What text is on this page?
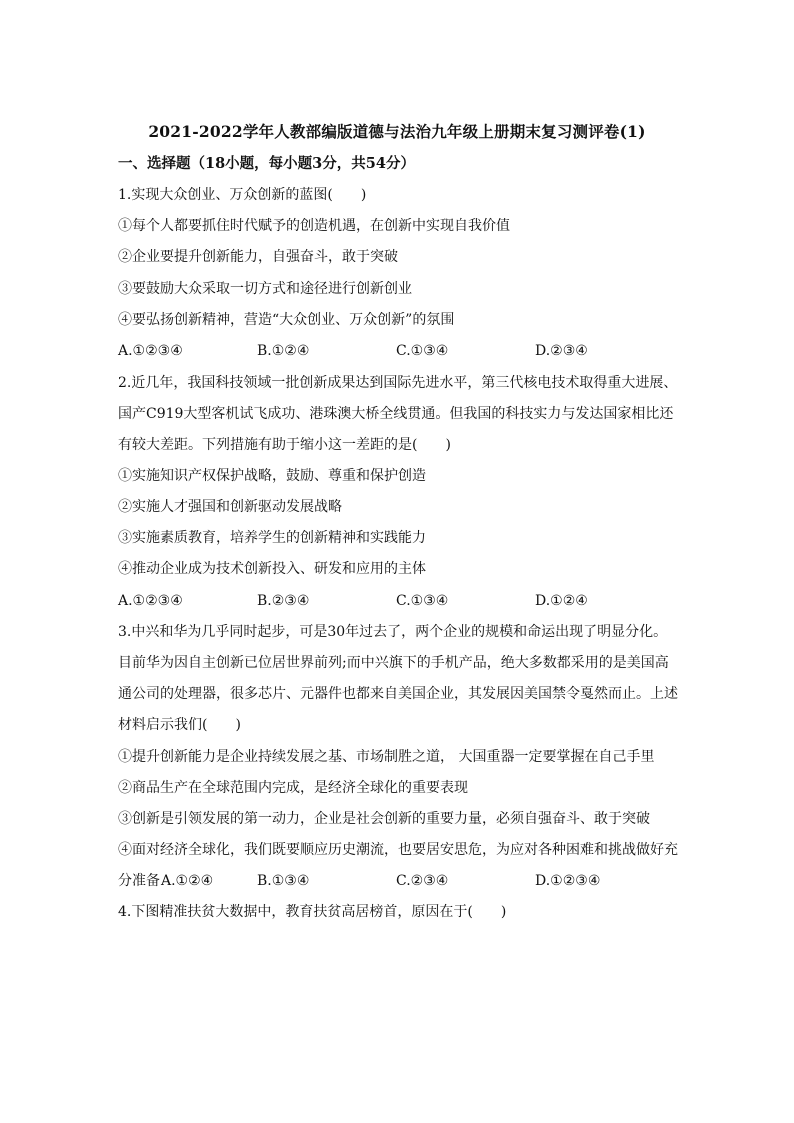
2021-2022学年人教部编版道德与法治九年级上册期末复习测评卷(1)
一、选择题（18小题，每小题3分，共54分）
1.实现大众创业、万众创新的蓝图(　　)
①每个人都要抓住时代赋予的创造机遇，在创新中实现自我价值
②企业要提升创新能力，自强奋斗，敢于突破
③要鼓励大众采取一切方式和途径进行创新创业
④要弘扬创新精神，营造“大众创业、万众创新”的氛围
A.①②③④	B.①②④	C.①③④	D.②③④
2.近几年，我国科技领域一批创新成果达到国际先进水平，第三代核电技术取得重大进展、
国产C919大型客机试飞成功、港珠澳大桥全线贯通。但我国的科技实力与发达国家相比还
有较大差距。下列措施有助于缩小这一差距的是(　　)
①实施知识产权保护战略，鼓励、尊重和保护创造
②实施人才强国和创新驱动发展战略
③实施素质教育，培养学生的创新精神和实践能力
④推动企业成为技术创新投入、研发和应用的主体
A.①②③④	B.②③④	C.①③④	D.①②④
3.中兴和华为几乎同时起步，可是30年过去了，两个企业的规模和命运出现了明显分化。
目前华为因自主创新已位居世界前列;而中兴旗下的手机产品，绝大多数都采用的是美国高
通公司的处理器，很多芯片、元器件也都来自美国企业，其发展因美国禁令戛然而止。上述
材料启示我们(　　)
①提升创新能力是企业持续发展之基、市场制胜之道， 大国重器一定要掌握在自己手里
②商品生产在全球范围内完成，是经济全球化的重要表现
③创新是引领发展的第一动力，企业是社会创新的重要力量，必须自强奋斗、敢于突破
④面对经济全球化，我们既要顺应历史潮流，也要居安思危，为应对各种困难和挑战做好充
分准备 A.①②④	B.①③④	C.②③④	D.①②③④
4.下图精准扶贫大数据中，教育扶贫高居榜首，原因在于(　　)
